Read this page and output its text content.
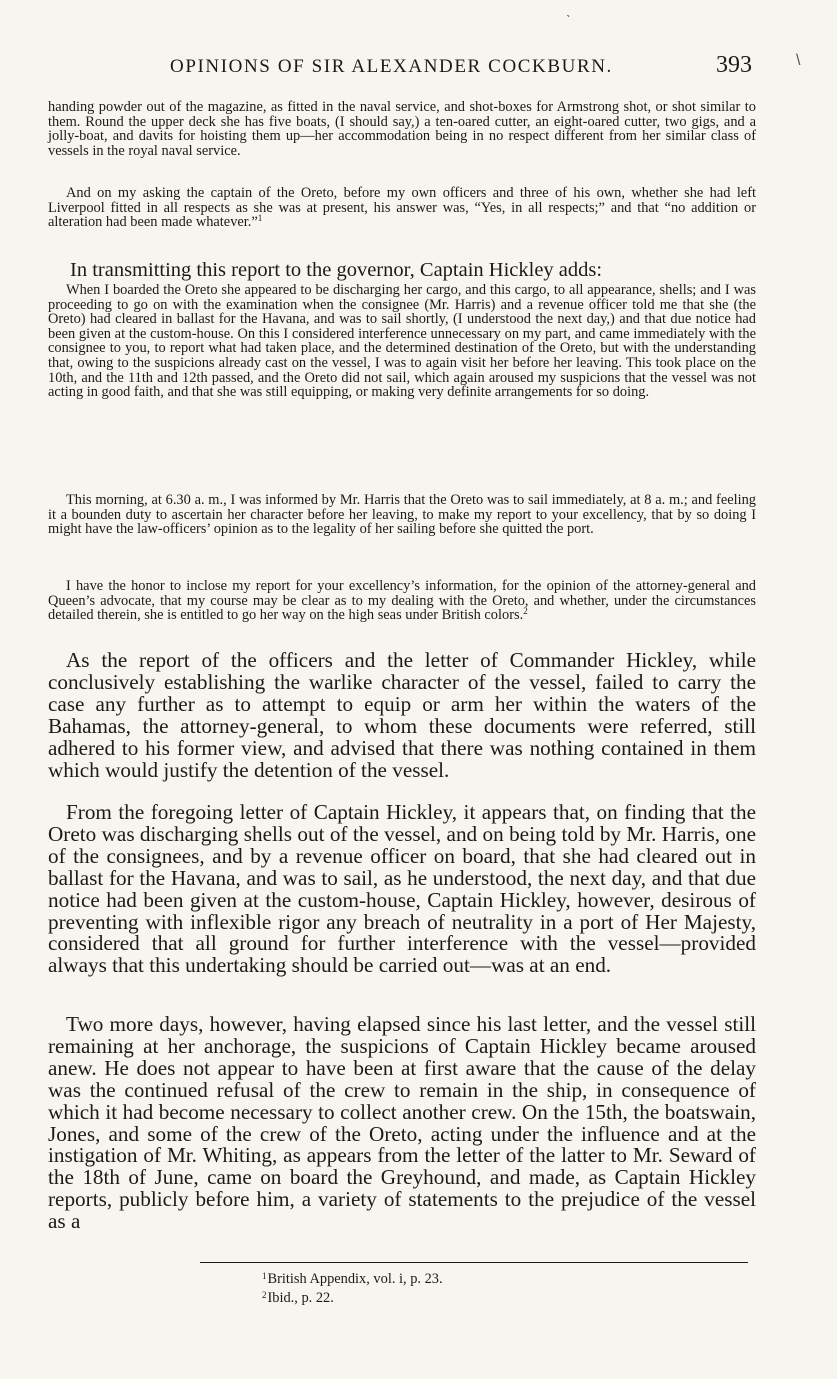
OPINIONS OF SIR ALEXANDER COCKBURN.	393
ˋ
\

handing powder out of the magazine, as fitted in the naval service, and shot-boxes for Armstrong shot, or shot similar to them. Round the upper deck she has five boats, (I should say,) a ten-oared cutter, an eight-oared cutter, two gigs, and a jolly-boat, and davits for hoisting them up—her accommodation being in no respect different from her similar class of vessels in the royal naval service.

And on my asking the captain of the Oreto, before my own officers and three of his own, whether she had left Liverpool fitted in all respects as she was at present, his answer was, “Yes, in all respects;” and that “no addition or alteration had been made whatever.”$^1$

In transmitting this report to the governor, Captain Hickley adds:

When I boarded the Oreto she appeared to be discharging her cargo, and this cargo, to all appearance, shells; and I was proceeding to go on with the examination when the consignee (Mr. Harris) and a revenue officer told me that she (the Oreto) had cleared in ballast for the Havana, and was to sail shortly, (I understood the next day,) and that due notice had been given at the custom-house. On this I considered interference unnecessary on my part, and came immediately with the consignee to you, to report what had taken place, and the determined destination of the Oreto, but with the understanding that, owing to the suspicions already cast on the vessel, I was to again visit her before her leaving. This took place on the 10th, and the 11th and 12th passed, and the Oreto did not sail, which again aroused my suspicions that the vessel was not acting in good faith, and that she was still equipping, or making very definite arrangements for so doing.

This morning, at 6.30 a. m., I was informed by Mr. Harris that the Oreto was to sail immediately, at 8 a. m.; and feeling it a bounden duty to ascertain her character before her leaving, to make my report to your excellency, that by so doing I might have the law-officers’ opinion as to the legality of her sailing before she quitted the port.

I have the honor to inclose my report for your excellency’s information, for the opinion of the attorney-general and Queen’s advocate, that my course may be clear as to my dealing with the Oreto, and whether, under the circumstances detailed therein, she is entitled to go her way on the high seas under British colors.$^2$

As the report of the officers and the letter of Commander Hickley, while conclusively establishing the warlike character of the vessel, failed to carry the case any further as to attempt to equip or arm her within the waters of the Bahamas, the attorney-general, to whom these documents were referred, still adhered to his former view, and advised that there was nothing contained in them which would justify the detention of the vessel.

From the foregoing letter of Captain Hickley, it appears that, on finding that the Oreto was discharging shells out of the vessel, and on being told by Mr. Harris, one of the consignees, and by a revenue officer on board, that she had cleared out in ballast for the Havana, and was to sail, as he understood, the next day, and that due notice had been given at the custom-house, Captain Hickley, however, desirous of preventing with inflexible rigor any breach of neutrality in a port of Her Majesty, considered that all ground for further interference with the vessel—provided always that this undertaking should be carried out—was at an end.

Two more days, however, having elapsed since his last letter, and the vessel still remaining at her anchorage, the suspicions of Captain Hickley became aroused anew. He does not appear to have been at first aware that the cause of the delay was the continued refusal of the crew to remain in the ship, in consequence of which it had become necessary to collect another crew. On the 15th, the boatswain, Jones, and some of the crew of the Oreto, acting under the influence and at the instigation of Mr. Whiting, as appears from the letter of the latter to Mr. Seward of the 18th of June, came on board the Greyhound, and made, as Captain Hickley reports, publicly before him, a variety of statements to the prejudice of the vessel as a

$^1$British Appendix, vol. i, p. 23.

$^2$Ibid., p. 22.
